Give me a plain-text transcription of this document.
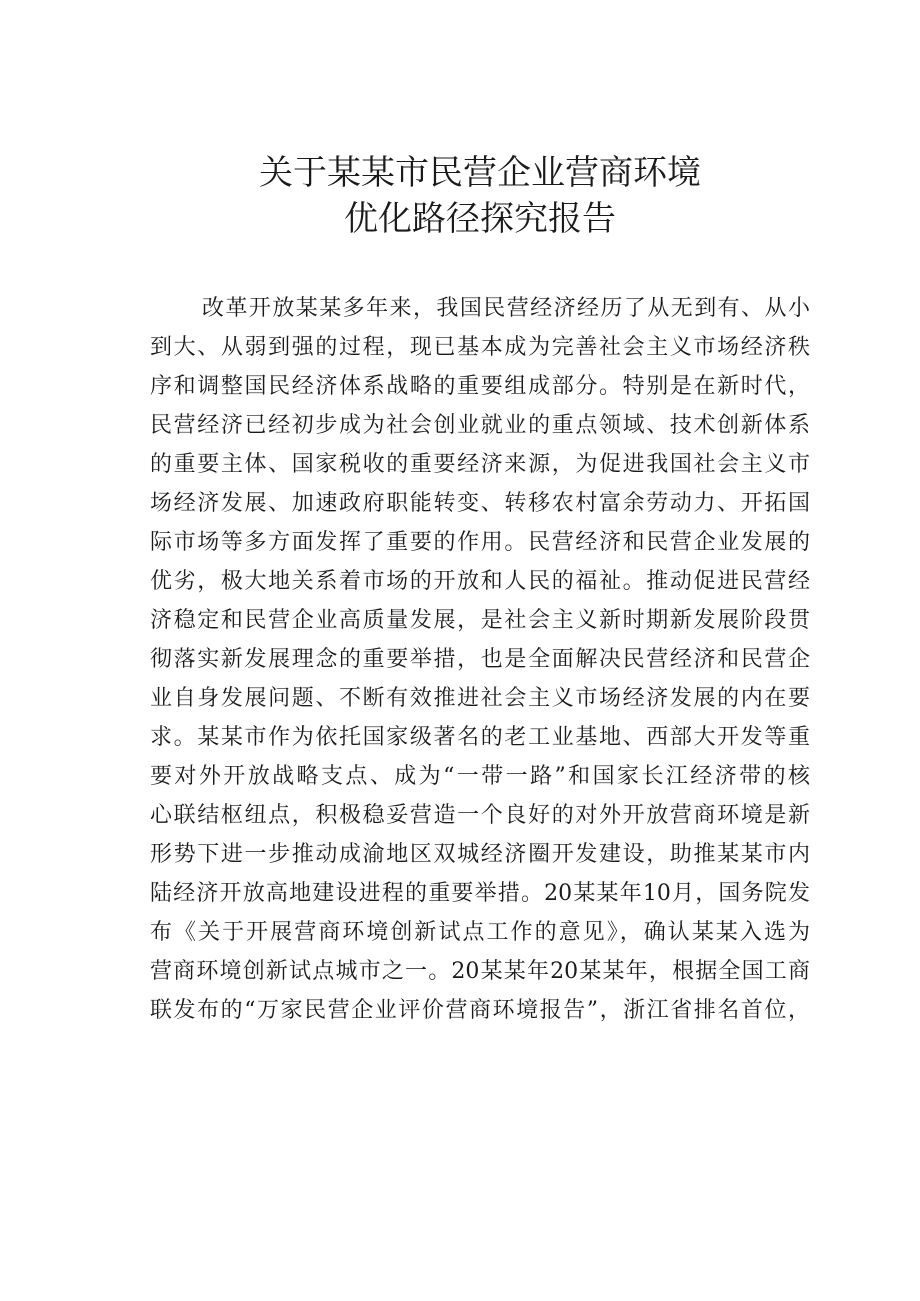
关于某某市民营企业营商环境
优化路径探究报告
改革开放某某多年来，我国民营经济经历了从无到有、从小
到大、从弱到强的过程，现已基本成为完善社会主义市场经济秩
序和调整国民经济体系战略的重要组成部分。特别是在新时代，
民营经济已经初步成为社会创业就业的重点领域、技术创新体系
的重要主体、国家税收的重要经济来源，为促进我国社会主义市
场经济发展、加速政府职能转变、转移农村富余劳动力、开拓国
际市场等多方面发挥了重要的作用。民营经济和民营企业发展的
优劣，极大地关系着市场的开放和人民的福祉。推动促进民营经
济稳定和民营企业高质量发展，是社会主义新时期新发展阶段贯
彻落实新发展理念的重要举措，也是全面解决民营经济和民营企
业自身发展问题、不断有效推进社会主义市场经济发展的内在要
求。某某市作为依托国家级著名的老工业基地、西部大开发等重
要对外开放战略支点、成为“一带一路”和国家长江经济带的核
心联结枢纽点，积极稳妥营造一个良好的对外开放营商环境是新
形势下进一步推动成渝地区双城经济圈开发建设，助推某某市内
陆经济开放高地建设进程的重要举措。20某某年10月，国务院发
布《关于开展营商环境创新试点工作的意见》，确认某某入选为
营商环境创新试点城市之一。20某某年20某某年，根据全国工商
联发布的“万家民营企业评价营商环境报告”，浙江省排名首位，
